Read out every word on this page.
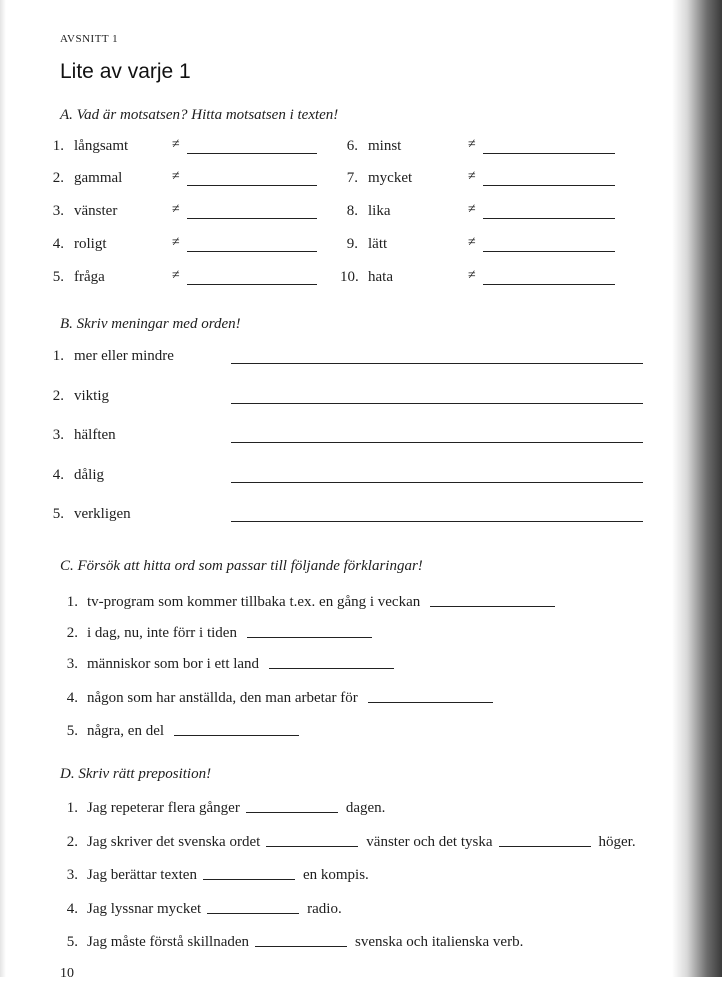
AVSNITT 1
Lite av varje 1
A. Vad är motsatsen? Hitta motsatsen i texten!
1. långsamt	≠
2. gammal	≠
3. vänster	≠
4. roligt	≠
5. fråga	≠
6. minst	≠
7. mycket	≠
8. lika	≠
9. lätt	≠
10. hata	≠
B. Skriv meningar med orden!
1. mer eller mindre
2. viktig
3. hälften
4. dålig
5. verkligen
C. Försök att hitta ord som passar till följande förklaringar!
1. tv-program som kommer tillbaka t.ex. en gång i veckan
2. i dag, nu, inte förr i tiden
3. människor som bor i ett land
4. någon som har anställda, den man arbetar för
5. några, en del
D. Skriv rätt preposition!
1. Jag repeterar flera gånger	dagen.
2. Jag skriver det svenska ordet	vänster och det tyska	höger.
3. Jag berättar texten	en kompis.
4. Jag lyssnar mycket	radio.
5. Jag måste förstå skillnaden	svenska och italienska verb.
10
